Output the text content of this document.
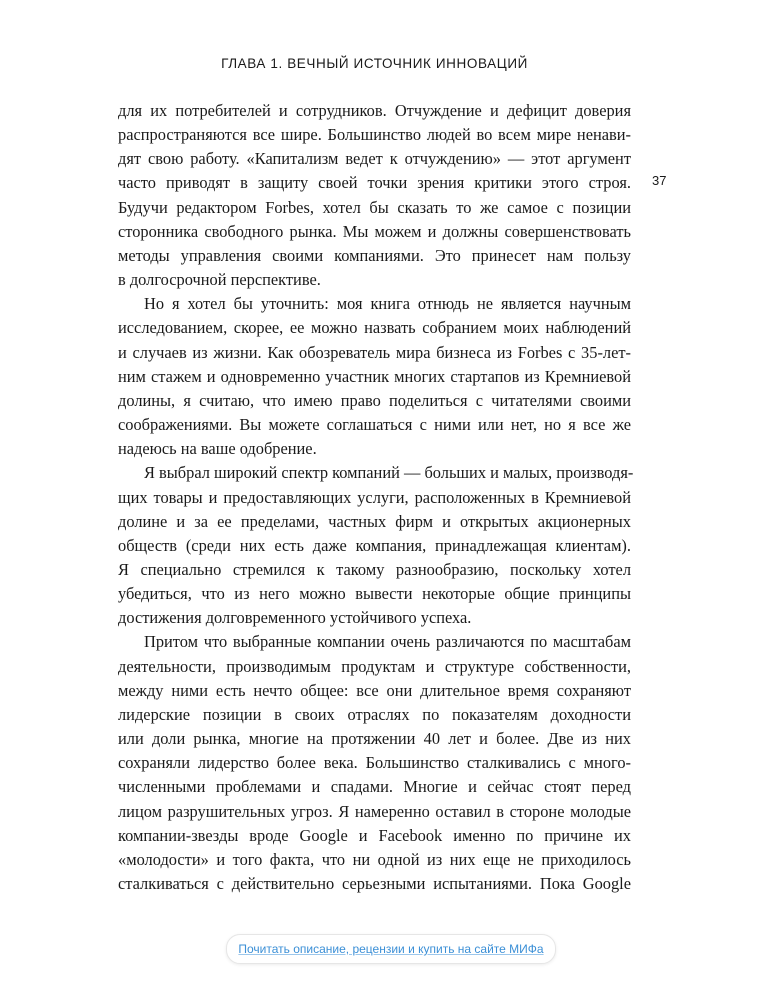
ГЛАВА 1. ВЕЧНЫЙ ИСТОЧНИК ИННОВАЦИЙ
37

для их потребителей и сотрудников. Отчуждение и дефицит доверия
распространяются все шире. Большинство людей во всем мире ненави-
дят свою работу. «Капитализм ведет к отчуждению» — этот аргумент
часто приводят в защиту своей точки зрения критики этого строя.
Будучи редактором Forbes, хотел бы сказать то же самое с позиции
сторонника свободного рынка. Мы можем и должны совершенствовать
методы управления своими компаниями. Это принесет нам пользу
в долгосрочной перспективе.

Но я хотел бы уточнить: моя книга отнюдь не является научным
исследованием, скорее, ее можно назвать собранием моих наблюдений
и случаев из жизни. Как обозреватель мира бизнеса из Forbes с 35-лет-
ним стажем и одновременно участник многих стартапов из Кремниевой
долины, я считаю, что имею право поделиться с читателями своими
соображениями. Вы можете соглашаться с ними или нет, но я все же
надеюсь на ваше одобрение.

Я выбрал широкий спектр компаний — больших и малых, производя-
щих товары и предоставляющих услуги, расположенных в Кремниевой
долине и за ее пределами, частных фирм и открытых акционерных
обществ (среди них есть даже компания, принадлежащая клиентам).
Я специально стремился к такому разнообразию, поскольку хотел
убедиться, что из него можно вывести некоторые общие принципы
достижения долговременного устойчивого успеха.

Притом что выбранные компании очень различаются по масштабам
деятельности, производимым продуктам и структуре собственности,
между ними есть нечто общее: все они длительное время сохраняют
лидерские позиции в своих отраслях по показателям доходности
или доли рынка, многие на протяжении 40 лет и более. Две из них
сохраняли лидерство более века. Большинство сталкивались с много-
численными проблемами и спадами. Многие и сейчас стоят перед
лицом разрушительных угроз. Я намеренно оставил в стороне молодые
компании-звезды вроде Google и Facebook именно по причине их
«молодости» и того факта, что ни одной из них еще не приходилось
сталкиваться с действительно серьезными испытаниями. Пока Google

Почитать описание, рецензии и купить на сайте МИФа
